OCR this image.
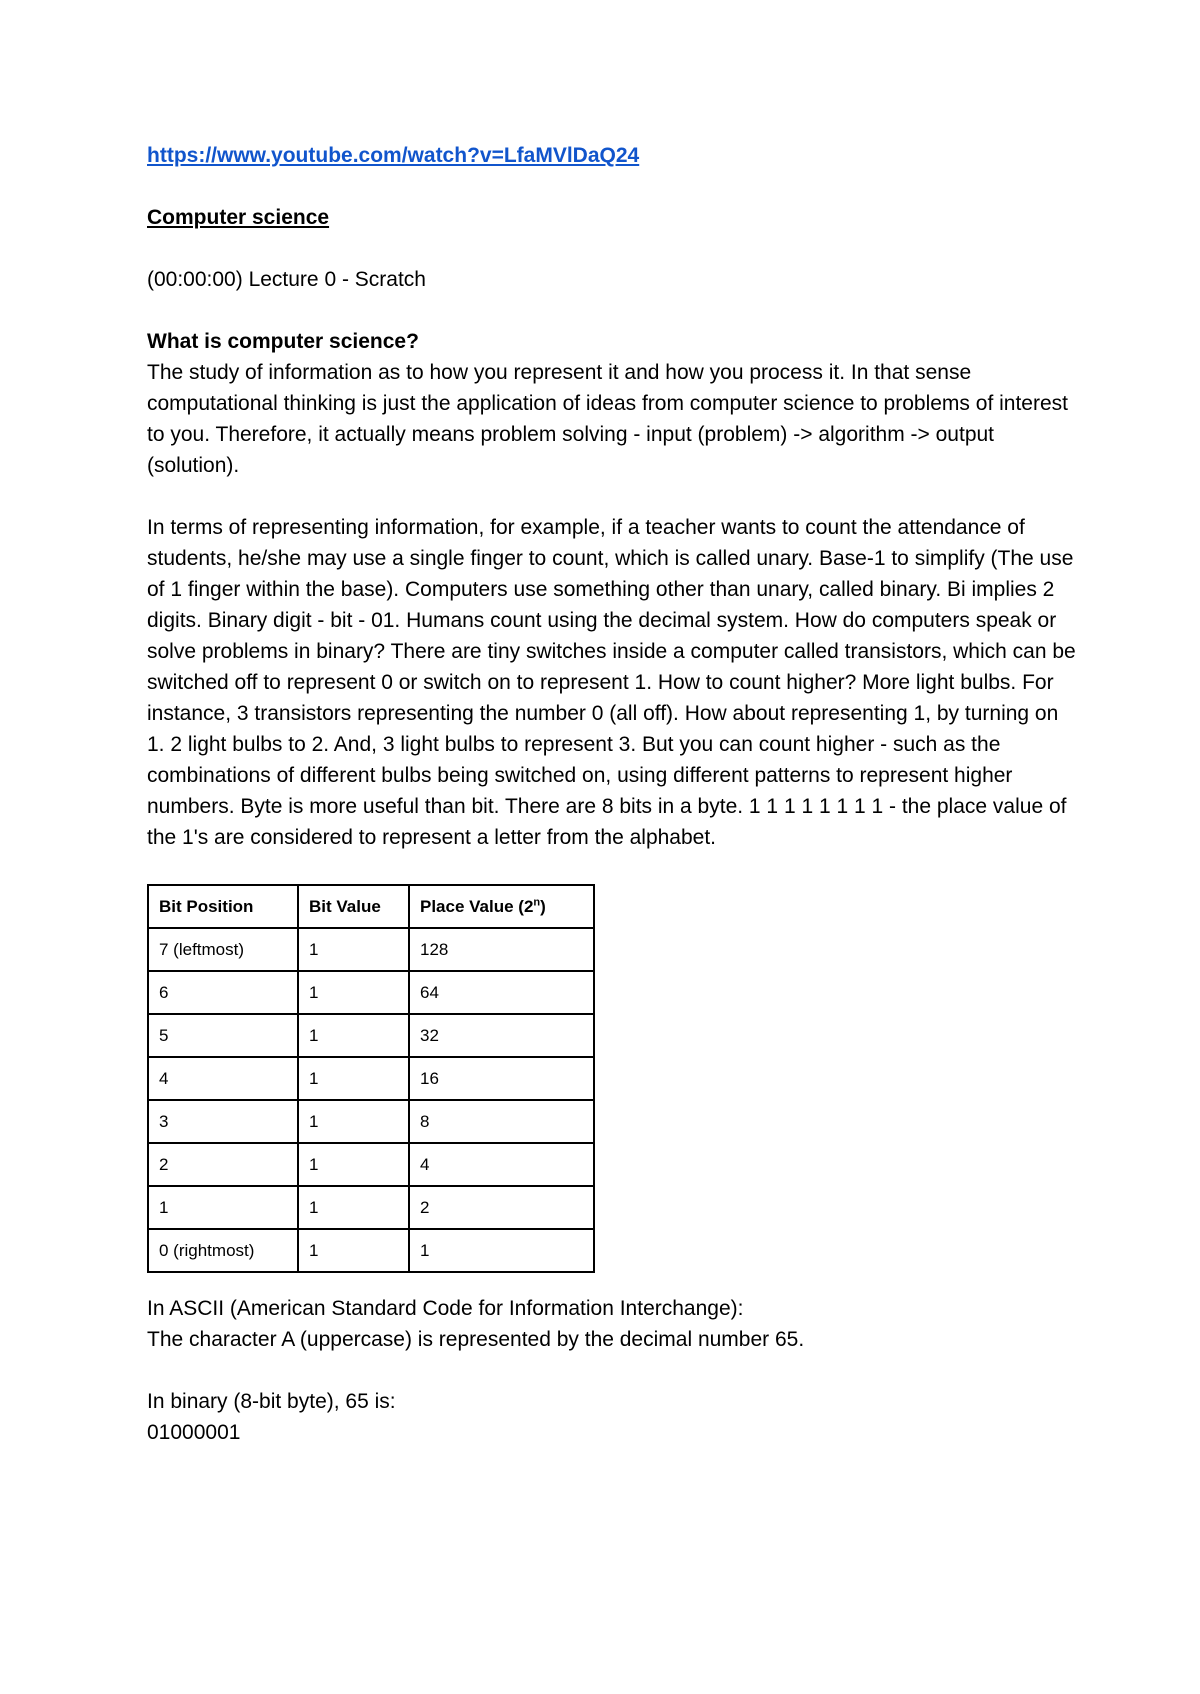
https://www.youtube.com/watch?v=LfaMVlDaQ24
Computer science
(00:00:00) Lecture 0 - Scratch
What is computer science?
The study of information as to how you represent it and how you process it. In that sense computational thinking is just the application of ideas from computer science to problems of interest to you. Therefore, it actually means problem solving - input (problem) -> algorithm -> output (solution).
In terms of representing information, for example, if a teacher wants to count the attendance of students, he/she may use a single finger to count, which is called unary. Base-1 to simplify (The use of 1 finger within the base). Computers use something other than unary, called binary. Bi implies 2 digits. Binary digit - bit - 01. Humans count using the decimal system. How do computers speak or solve problems in binary? There are tiny switches inside a computer called transistors, which can be switched off to represent 0 or switch on to represent 1. How to count higher? More light bulbs. For instance, 3 transistors representing the number 0 (all off). How about representing 1, by turning on 1. 2 light bulbs to 2. And, 3 light bulbs to represent 3. But you can count higher - such as the combinations of different bulbs being switched on, using different patterns to represent higher numbers. Byte is more useful than bit. There are 8 bits in a byte. 1 1 1 1 1 1 1 1 - the place value of the 1's are considered to represent a letter from the alphabet.
Bit Position	Bit Value	Place Value (2$^n$)
7 (leftmost)	1	128
6	1	64
5	1	32
4	1	16
3	1	8
2	1	4
1	1	2
0 (rightmost)	1	1
In ASCII (American Standard Code for Information Interchange):
The character A (uppercase) is represented by the decimal number 65.
In binary (8-bit byte), 65 is:
01000001
